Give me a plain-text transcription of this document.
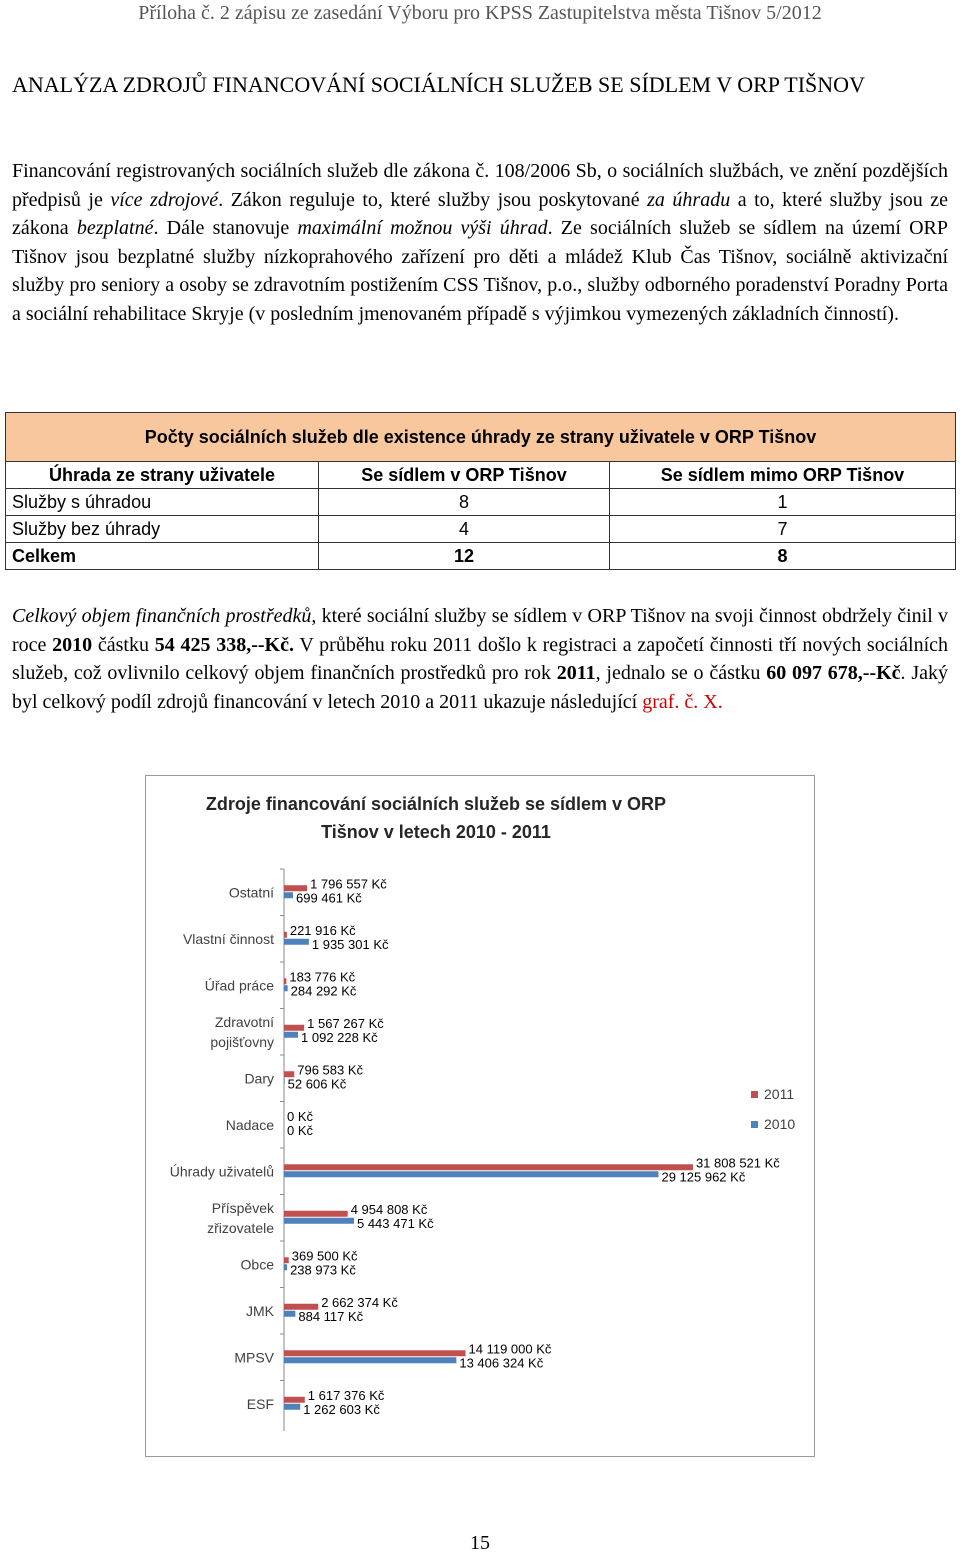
Příloha č. 2 zápisu ze zasedání Výboru pro KPSS Zastupitelstva města Tišnov 5/2012
ANALÝZA ZDROJŮ FINANCOVÁNÍ SOCIÁLNÍCH SLUŽEB SE SÍDLEM V ORP TIŠNOV
Financování registrovaných sociálních služeb dle zákona č. 108/2006 Sb, o sociálních službách, ve znění pozdějších předpisů je více zdrojové. Zákon reguluje to, které služby jsou poskytované za úhradu a to, které služby jsou ze zákona bezplatné. Dále stanovuje maximální možnou výši úhrad. Ze sociálních služeb se sídlem na území ORP Tišnov jsou bezplatné služby nízkoprahového zařízení pro děti a mládež Klub Čas Tišnov, sociálně aktivizační služby pro seniory a osoby se zdravotním postižením CSS Tišnov, p.o., služby odborného poradenství Poradny Porta a sociální rehabilitace Skryje (v posledním jmenovaném případě s výjimkou vymezených základních činností).
Počty sociálních služeb dle existence úhrady ze strany uživatele v ORP Tišnov		
Úhrada ze strany uživatele	Se sídlem v ORP Tišnov	Se sídlem mimo ORP Tišnov
Služby s úhradou	8	1
Služby bez úhrady	4	7
Celkem	12	8
Celkový objem finančních prostředků, které sociální služby se sídlem v ORP Tišnov na svoji činnost obdržely činil v roce 2010 částku 54 425 338,--Kč. V průběhu roku 2011 došlo k registraci a započetí činnosti tří nových sociálních služeb, což ovlivnilo celkový objem finančních prostředků pro rok 2011, jednalo se o částku 60 097 678,--Kč. Jaký byl celkový podíl zdrojů financování v letech 2010 a 2011 ukazuje následující graf. č. X.
Zdroje financování sociálních služeb se sídlem v ORP
Tišnov v letech 2010 - 2011
Ostatní
1 796 557 Kč
699 461 Kč
Vlastní činnost
221 916 Kč
1 935 301 Kč
Úřad práce
183 776 Kč
284 292 Kč
Zdravotní
pojišťovny
1 567 267 Kč
1 092 228 Kč
Dary
796 583 Kč
52 606 Kč
Nadace
0 Kč
0 Kč
Úhrady uživatelů
31 808 521 Kč
29 125 962 Kč
Příspěvek
zřizovatele
4 954 808 Kč
5 443 471 Kč
Obce
369 500 Kč
238 973 Kč
JMK
2 662 374 Kč
884 117 Kč
MPSV
14 119 000 Kč
13 406 324 Kč
ESF
1 617 376 Kč
1 262 603 Kč
2011
2010
15
